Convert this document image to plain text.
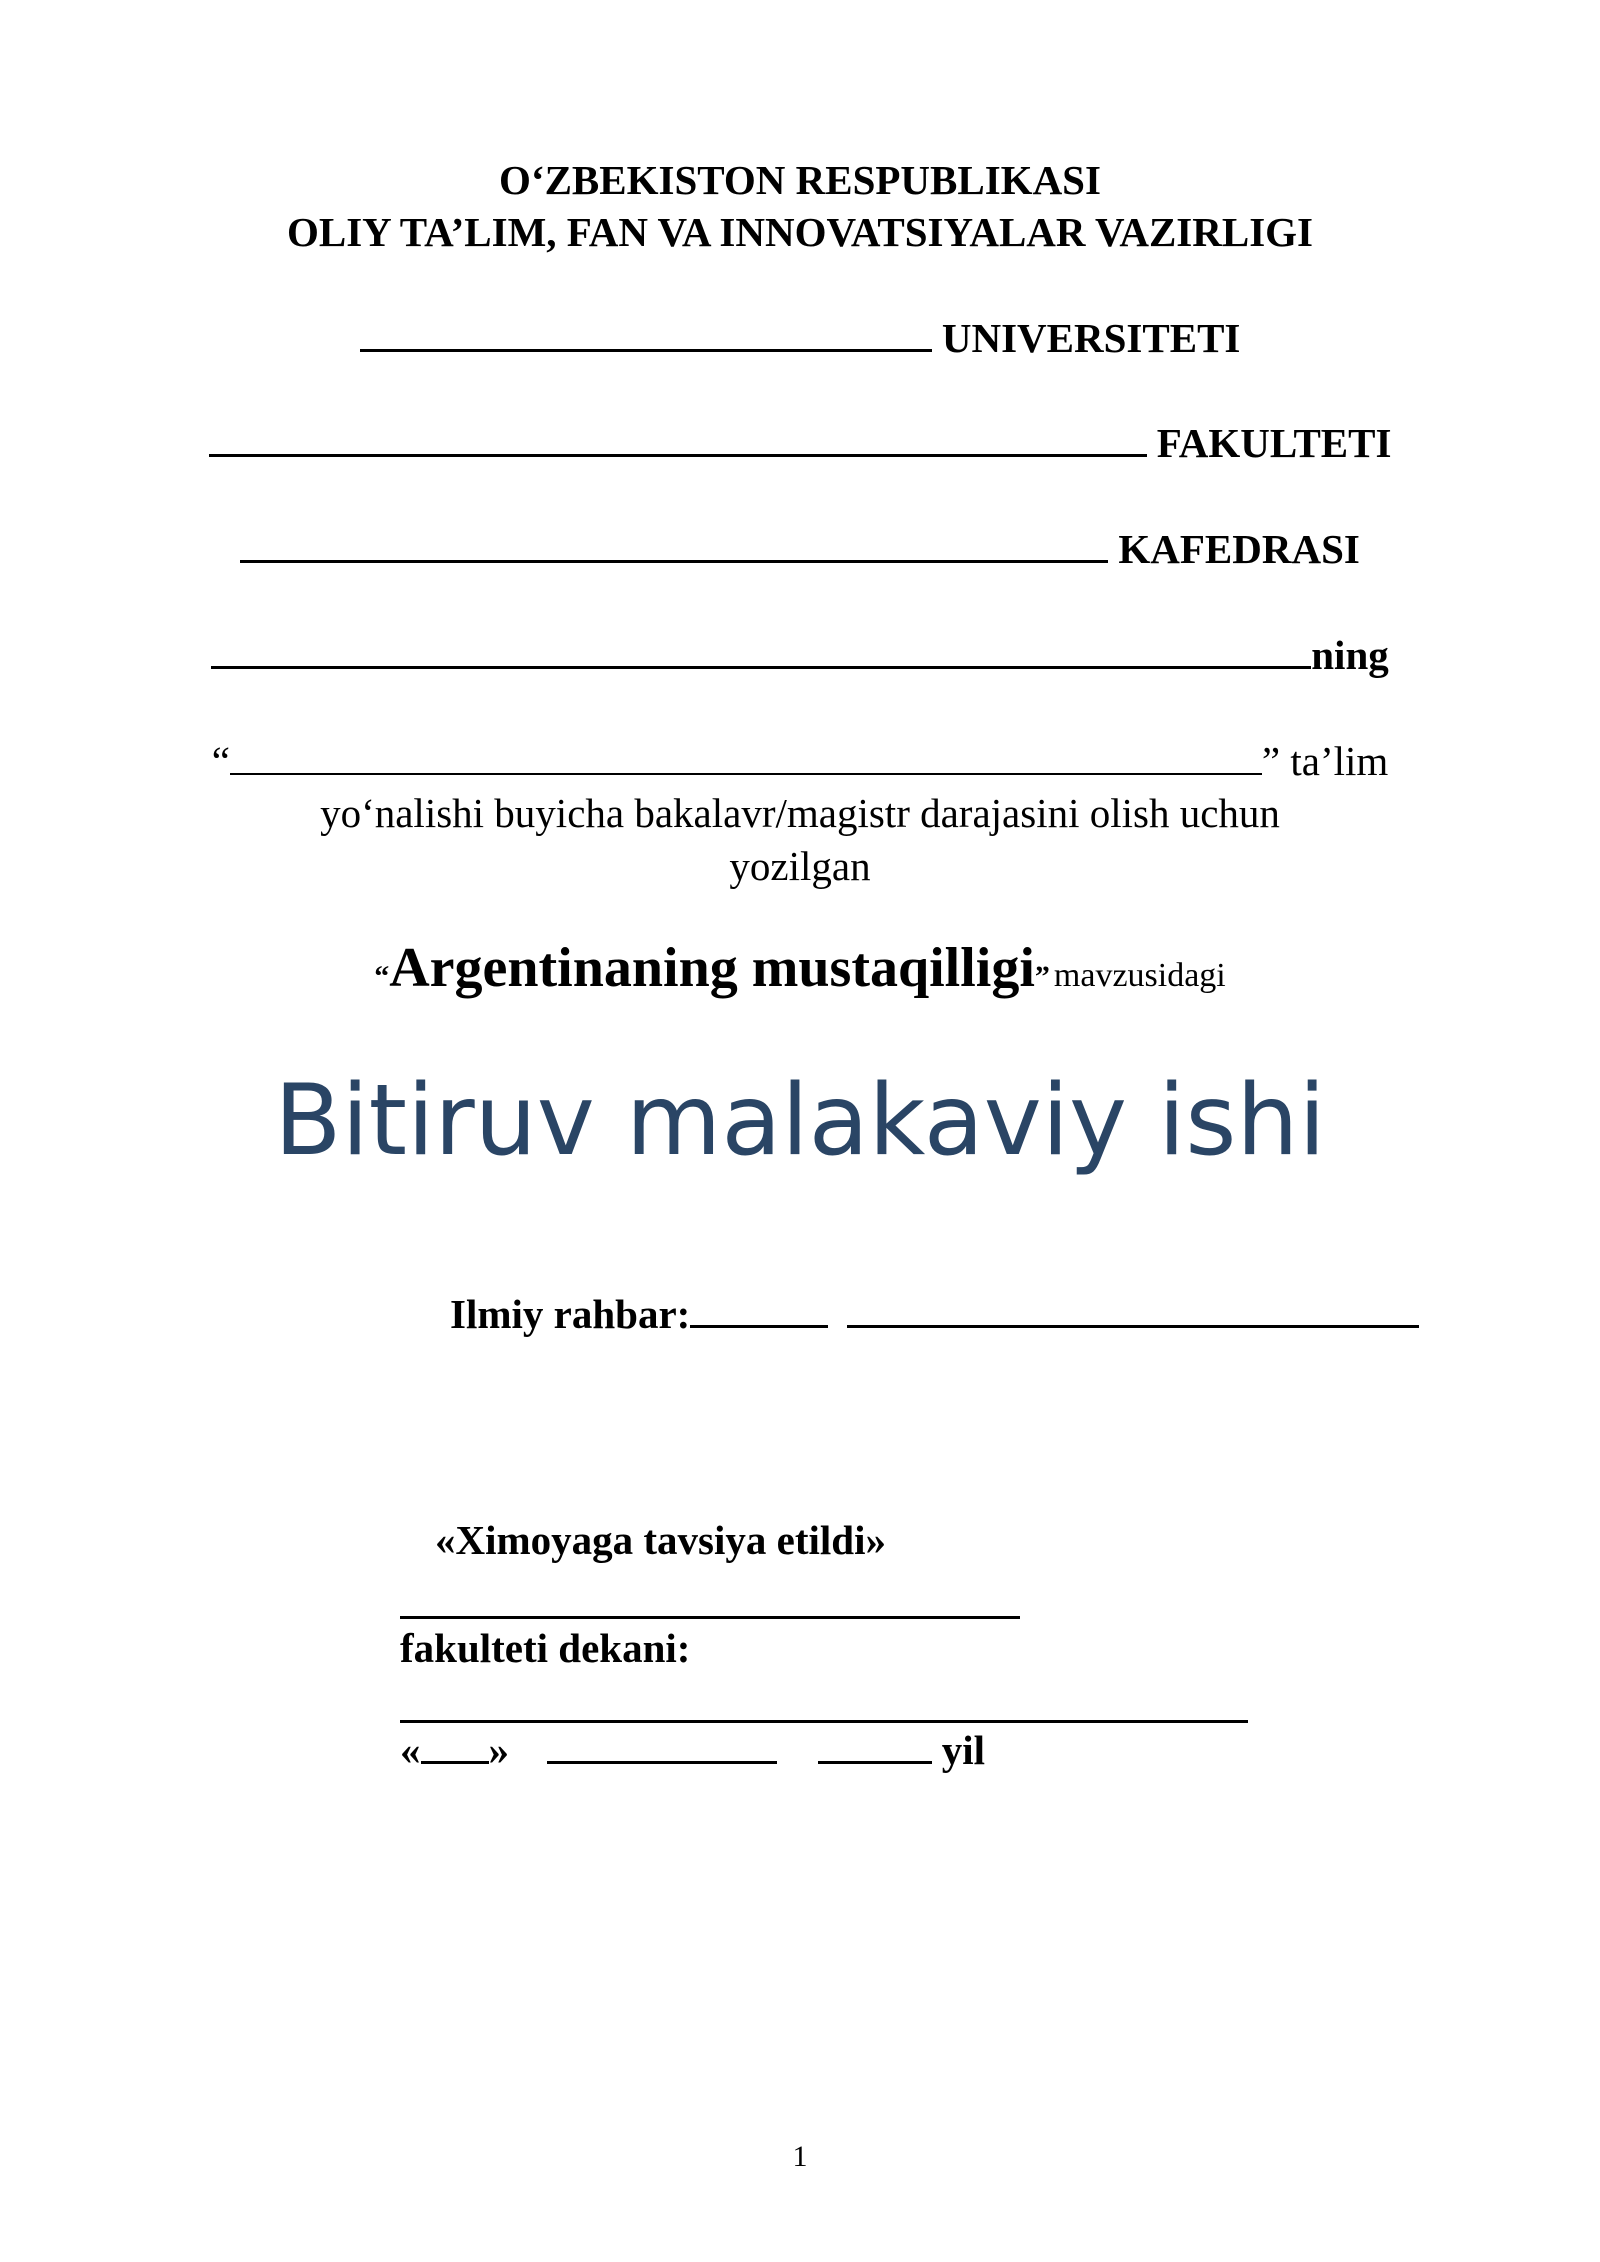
O‘ZBEKISTON RESPUBLIKASI
OLIY TA’LIM, FAN VA INNOVATSIYALAR VAZIRLIGI
UNIVERSITETI
FAKULTETI
KAFEDRASI
ning
“	” ta’lim
yo‘nalishi buyicha bakalavr/magistr darajasini olish uchun
yozilgan
“Argentinaning mustaqilligi” mavzusidagi
Bitiruv malakaviy ishi
Ilmiy rahbar:
«Ximoyaga tavsiya etildi»
fakulteti dekani:
« »	yil
1
